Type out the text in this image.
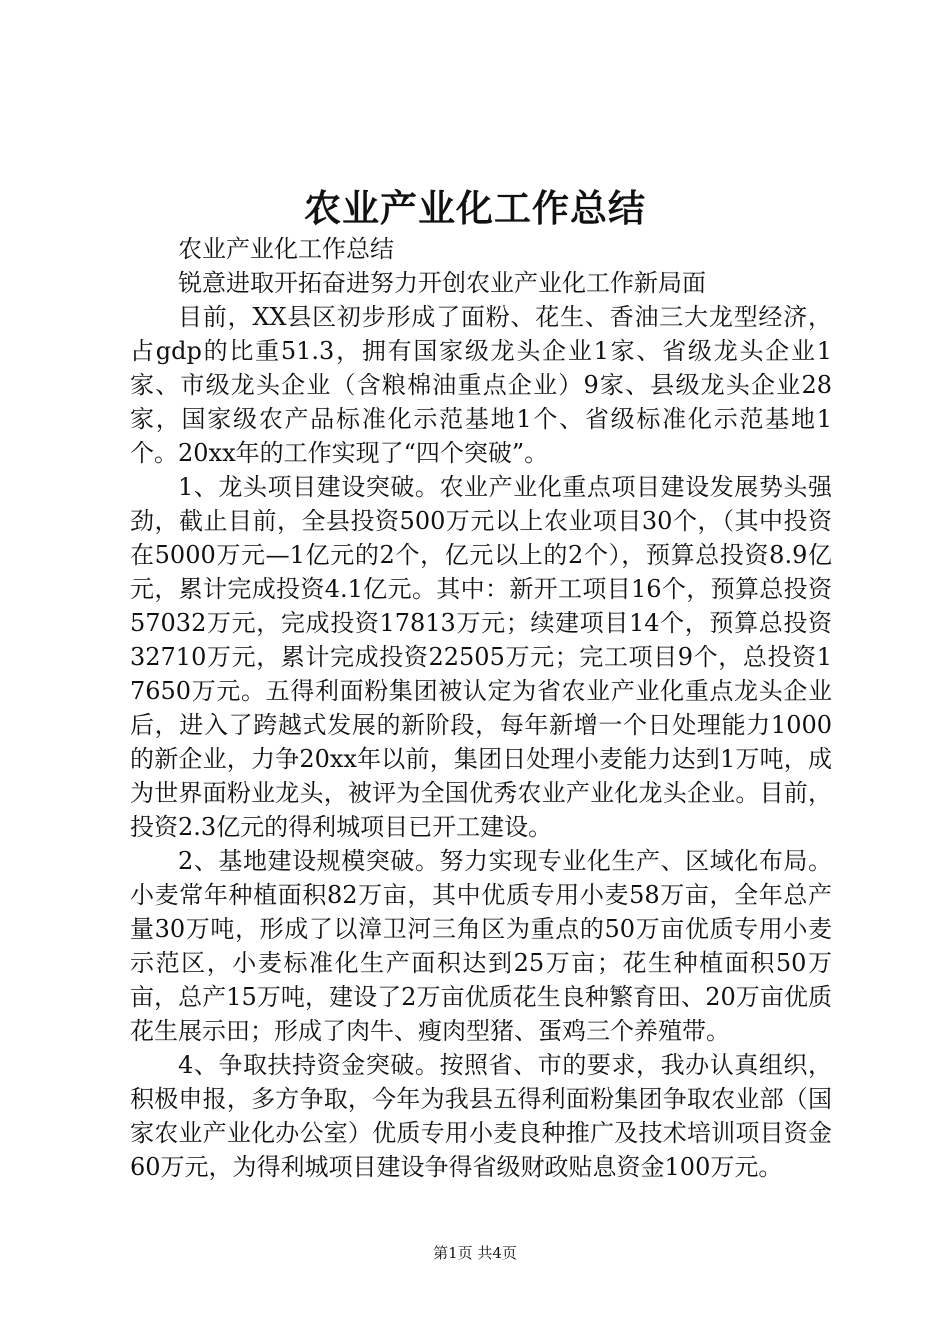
农业产业化工作总结

农业产业化工作总结

锐意进取开拓奋进努力开创农业产业化工作新局面

目前，XX县区初步形成了面粉、花生、香油三大龙型经济，占gdp的比重51.3，拥有国家级龙头企业1家、省级龙头企业1家、市级龙头企业（含粮棉油重点企业）9家、县级龙头企业28家，国家级农产品标准化示范基地1个、省级标准化示范基地1个。20xx年的工作实现了“四个突破”。

1、龙头项目建设突破。农业产业化重点项目建设发展势头强劲，截止目前，全县投资500万元以上农业项目30个，（其中投资在5000万元—1亿元的2个，亿元以上的2个），预算总投资8.9亿元，累计完成投资4.1亿元。其中：新开工项目16个，预算总投资57032万元，完成投资17813万元；续建项目14个，预算总投资32710万元，累计完成投资22505万元；完工项目9个，总投资17650万元。五得利面粉集团被认定为省农业产业化重点龙头企业后，进入了跨越式发展的新阶段，每年新增一个日处理能力1000的新企业，力争20xx年以前，集团日处理小麦能力达到1万吨，成为世界面粉业龙头，被评为全国优秀农业产业化龙头企业。目前，投资2.3亿元的得利城项目已开工建设。

2、基地建设规模突破。努力实现专业化生产、区域化布局。小麦常年种植面积82万亩，其中优质专用小麦58万亩，全年总产量30万吨，形成了以漳卫河三角区为重点的50万亩优质专用小麦示范区，小麦标准化生产面积达到25万亩；花生种植面积50万亩，总产15万吨，建设了2万亩优质花生良种繁育田、20万亩优质花生展示田；形成了肉牛、瘦肉型猪、蛋鸡三个养殖带。

4、争取扶持资金突破。按照省、市的要求，我办认真组织，积极申报，多方争取，今年为我县五得利面粉集团争取农业部（国家农业产业化办公室）优质专用小麦良种推广及技术培训项目资金60万元，为得利城项目建设争得省级财政贴息资金100万元。

第1页 共4页
